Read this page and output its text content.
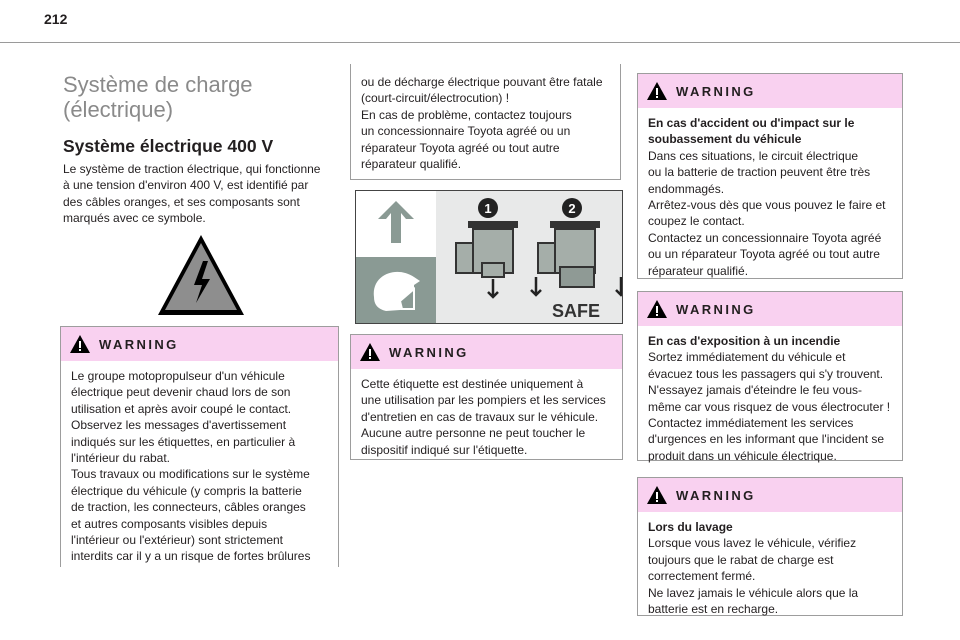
212
Système de charge
(électrique)
Système électrique 400 V
Le système de traction électrique, qui fonctionne
à une tension d'environ 400 V, est identifié par
des câbles oranges, et ses composants sont
marqués avec ce symbole.
WARNING
Le groupe motopropulseur d'un véhicule
électrique peut devenir chaud lors de son
utilisation et après avoir coupé le contact.
Observez les messages d'avertissement
indiqués sur les étiquettes, en particulier à
l'intérieur du rabat.
Tous travaux ou modifications sur le système
électrique du véhicule (y compris la batterie
de traction, les connecteurs, câbles oranges
et autres composants visibles depuis
l'intérieur ou l'extérieur) sont strictement
interdits car il y a un risque de fortes brûlures
ou de décharge électrique pouvant être fatale
(court-circuit/électrocution) !
En cas de problème, contactez toujours
un concessionnaire Toyota agréé ou un
réparateur Toyota agréé ou tout autre
réparateur qualifié.
1	2
SAFE
WARNING
Cette étiquette est destinée uniquement à
une utilisation par les pompiers et les services
d'entretien en cas de travaux sur le véhicule.
Aucune autre personne ne peut toucher le
dispositif indiqué sur l'étiquette.
WARNING
En cas d'accident ou d'impact sur le
soubassement du véhicule
Dans ces situations, le circuit électrique
ou la batterie de traction peuvent être très
endommagés.
Arrêtez-vous dès que vous pouvez le faire et
coupez le contact.
Contactez un concessionnaire Toyota agréé
ou un réparateur Toyota agréé ou tout autre
réparateur qualifié.
WARNING
En cas d'exposition à un incendie
Sortez immédiatement du véhicule et
évacuez tous les passagers qui s'y trouvent.
N'essayez jamais d'éteindre le feu vous-
même car vous risquez de vous électrocuter !
Contactez immédiatement les services
d'urgences en les informant que l'incident se
produit dans un véhicule électrique.
WARNING
Lors du lavage
Lorsque vous lavez le véhicule, vérifiez
toujours que le rabat de charge est
correctement fermé.
Ne lavez jamais le véhicule alors que la
batterie est en recharge.
